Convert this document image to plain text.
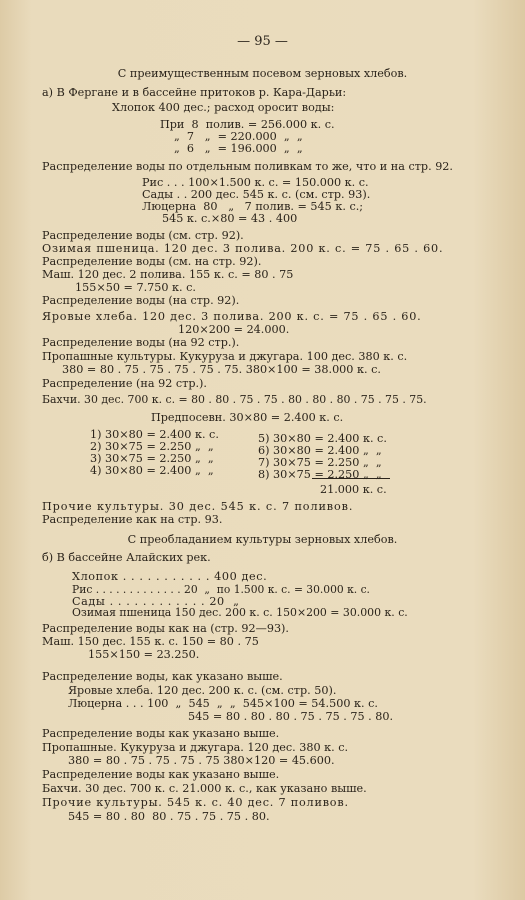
— 95 —
С преимущественным посевом зерновых хлебов.
а) В Фергане и в бассейне притоков р. Кара-Дарьи:
Хлопок 400 дес.; расход оросит воды:
При  8  полив. = 256.000 к. с.
„  7   „  = 220.000  „  „
„  6   „  = 196.000  „  „
Распределение воды по отдельным поливкам то же, что и на стр. 92.
Рис . . . 100×1.500 к. с. = 150.000 к. с.
Сады . . 200 дес. 545 к. с. (см. стр. 93).
Люцерна  80   „   7 полив. = 545 к. с.;
545 к. с.×80 = 43 . 400
Распределение воды (см. стр. 92).
Озимая пшеница. 120 дес. 3 полива. 200 к. с. = 75 . 65 . 60.
Распределение воды (см. на стр. 92).
Маш. 120 дес. 2 полива. 155 к. с. = 80 . 75
155×50 = 7.750 к. с.
Распределение воды (на стр. 92).
Яровые хлеба. 120 дес. 3 полива. 200 к. с. = 75 . 65 . 60.
120×200 = 24.000.
Распределение воды (на 92 стр.).
Пропашные культуры. Кукуруза и джугара. 100 дес. 380 к. с.
380 = 80 . 75 . 75 . 75 . 75 . 75. 380×100 = 38.000 к. с.
Распределение (на 92 стр.).
Бахчи. 30 дес. 700 к. с. = 80 . 80 . 75 . 75 . 80 . 80 . 80 . 75 . 75 . 75.
Предпосевн. 30×80 = 2.400 к. с.
1) 30×80 = 2.400 к. с.
2) 30×75 = 2.250 „  „
3) 30×75 = 2.250 „  „
4) 30×80 = 2.400 „  „
5) 30×80 = 2.400 к. с.
6) 30×80 = 2.400 „  „
7) 30×75 = 2.250 „  „
8) 30×75 = 2.250 „  „
21.000 к. с.
Прочие культуры. 30 дес. 545 к. с. 7 поливов.
Распределение как на стр. 93.
С преобладанием культуры зерновых хлебов.
б) В бассейне Алайских рек.
Хлопок . . . . . . . . . . . 400 дес.
Рис . . . . . . . . . . . . . 20  „  по 1.500 к. с. = 30.000 к. с.
Сады . . . . . . . . . . . . 20  „
Озимая пшеница 150 дес. 200 к. с. 150×200 = 30.000 к. с.
Распределение воды как на (стр. 92—93).
Маш. 150 дес. 155 к. с. 150 = 80 . 75
155×150 = 23.250.
Распределение воды, как указано выше.
Яровые хлеба. 120 дес. 200 к. с. (см. стр. 50).
Люцерна . . . 100  „  545  „  „  545×100 = 54.500 к. с.
545 = 80 . 80 . 80 . 75 . 75 . 75 . 80.
Распределение воды как указано выше.
Пропашные. Кукуруза и джугара. 120 дес. 380 к. с.
380 = 80 . 75 . 75 . 75 . 75 380×120 = 45.600.
Распределение воды как указано выше.
Бахчи. 30 дес. 700 к. с. 21.000 к. с., как указано выше.
Прочие культуры. 545 к. с. 40 дес. 7 поливов.
545 = 80 . 80  80 . 75 . 75 . 75 . 80.
